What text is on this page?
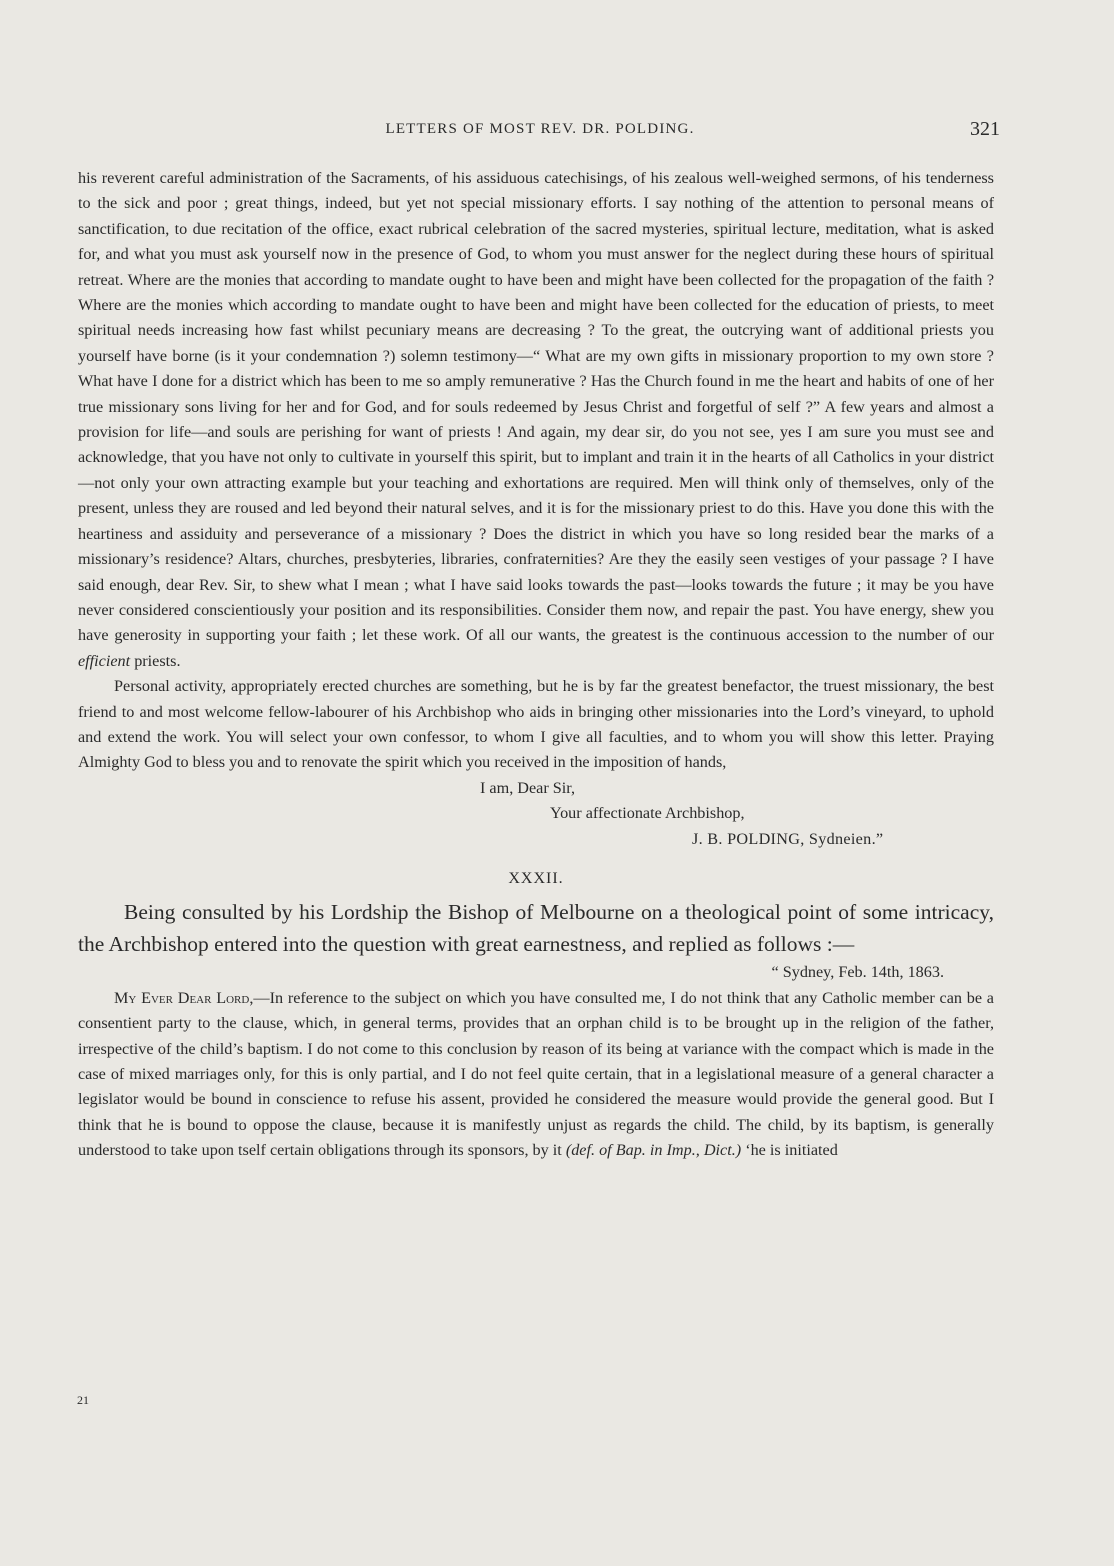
LETTERS OF MOST REV. DR. POLDING.	321

his reverent careful administration of the Sacraments, of his assiduous catechisings, of his zealous well-weighed sermons, of his tenderness to the sick and poor ; great things, indeed, but yet not special missionary efforts. I say nothing of the attention to personal means of sanctification, to due recitation of the office, exact rubrical celebration of the sacred mysteries, spiritual lecture, meditation, what is asked for, and what you must ask yourself now in the presence of God, to whom you must answer for the neglect during these hours of spiritual retreat. Where are the monies that according to mandate ought to have been and might have been collected for the propagation of the faith ? Where are the monies which according to mandate ought to have been and might have been collected for the education of priests, to meet spiritual needs increasing how fast whilst pecuniary means are decreasing ? To the great, the outcrying want of additional priests you yourself have borne (is it your condemnation ?) solemn testimony—“ What are my own gifts in missionary proportion to my own store ? What have I done for a district which has been to me so amply remunerative ? Has the Church found in me the heart and habits of one of her true missionary sons living for her and for God, and for souls redeemed by Jesus Christ and forgetful of self ?” A few years and almost a provision for life—and souls are perishing for want of priests ! And again, my dear sir, do you not see, yes I am sure you must see and acknowledge, that you have not only to cultivate in yourself this spirit, but to implant and train it in the hearts of all Catholics in your district—not only your own attracting example but your teaching and exhortations are required. Men will think only of themselves, only of the present, unless they are roused and led beyond their natural selves, and it is for the missionary priest to do this. Have you done this with the heartiness and assiduity and perseverance of a missionary ? Does the district in which you have so long resided bear the marks of a missionary’s residence? Altars, churches, presbyteries, libraries, confraternities? Are they the easily seen vestiges of your passage ? I have said enough, dear Rev. Sir, to shew what I mean ; what I have said looks towards the past—looks towards the future ; it may be you have never considered conscientiously your position and its responsibilities. Consider them now, and repair the past. You have energy, shew you have generosity in supporting your faith ; let these work. Of all our wants, the greatest is the continuous accession to the number of our efficient priests.

Personal activity, appropriately erected churches are something, but he is by far the greatest benefactor, the truest missionary, the best friend to and most welcome fellow-labourer of his Archbishop who aids in bringing other missionaries into the Lord’s vineyard, to uphold and extend the work. You will select your own confessor, to whom I give all faculties, and to whom you will show this letter. Praying Almighty God to bless you and to renovate the spirit which you received in the imposition of hands,

I am, Dear Sir,
Your affectionate Archbishop,
J. B. POLDING, Sydneien.”
XXXII.

Being consulted by his Lordship the Bishop of Melbourne on a theological point of some intricacy, the Archbishop entered into the question with great earnestness, and replied as follows :—

“ Sydney, Feb. 14th, 1863.

My Ever Dear Lord,—In reference to the subject on which you have consulted me, I do not think that any Catholic member can be a consentient party to the clause, which, in general terms, provides that an orphan child is to be brought up in the religion of the father, irrespective of the child’s baptism. I do not come to this conclusion by reason of its being at variance with the compact which is made in the case of mixed marriages only, for this is only partial, and I do not feel quite certain, that in a legislational measure of a general character a legislator would be bound in conscience to refuse his assent, provided he considered the measure would provide the general good. But I think that he is bound to oppose the clause, because it is manifestly unjust as regards the child. The child, by its baptism, is generally understood to take upon tself certain obligations through its sponsors, by it (def. of Bap. in Imp., Dict.) ‘he is initiated

21
